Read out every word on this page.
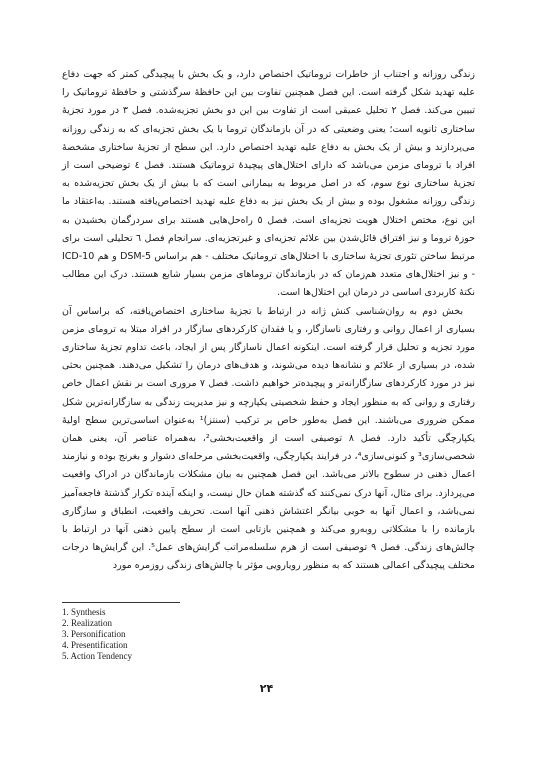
زندگی روزانه و اجتناب از خاطرات تروماتیک اختصاص دارد، و یک بخش با پیچیدگی کمتر که جهت دفاع علیه تهدید شکل گرفته است. این فصل همچنین تفاوت بین این حافظهٔ سرگذشتی و حافظهٔ تروماتیک را تبیین می‌کند. فصل ۲ تحلیل عمیقی است از تفاوت بین این دو بخش تجزیه‌شده. فصل ۳ در مورد تجزیهٔ ساختاری ثانویه است؛ یعنی وضعیتی که در آن بازماندگان تروما با یک بخش تجزیه‌ای که به زندگی روزانه می‌پردازند و بیش از یک بخش به دفاع علیه تهدید اختصاص دارد. این سطح از تجزیهٔ ساختاری مشخصهٔ افراد با ترومای مزمن می‌باشد که دارای اختلال‌های پیچیدهٔ تروماتیک هستند. فصل ٤ توضیحی است از تجزیهٔ ساختاری نوع سوم، که در اصل مربوط به بیمارانی است که با بیش از یک بخش تجزیه‌شده به زندگی روزانه مشغول بوده و بیش از یک بخش نیز به دفاع علیه تهدید اختصاص‌یافته هستند. به‌اعتقاد ما این نوع، مختص اختلال هویت تجزیه‌ای است. فصل ٥ راه‌حل‌هایی هستند برای سردرگمان بخشیدن به حوزهٔ تروما و نیز افتراق قائل‌شدن بین علائم تجزیه‌ای و غیرتجزیه‌ای. سرانجام فصل ٦ تحلیلی است برای مرتبط ساختن تئوری تجزیهٔ ساختاری با اختلال‌های تروماتیک مختلف - هم براساس DSM-5 و هم ICD-10 - و نیز اختلال‌های متعدد هم‌زمان که در بازماندگان تروماهای مزمن بسیار شایع هستند. درک این مطالب نکتهٔ کاربردی اساسی در درمان این اختلال‌ها است.

بخش دوم به روان‌شناسی کنش ژانه در ارتباط با تجزیهٔ ساختاری اختصاص‌یافته، که براساس آن بسیاری از اعمال روانی و رفتاری ناسازگار، و یا فقدان کارکردهای سازگار در افراد مبتلا به ترومای مزمن مورد تجزیه و تحلیل قرار گرفته است. اینکونه اعمال ناسازگار پس از ایجاد، باعث تداوم تجزیهٔ ساختاری شده، در بسیاری از علائم و نشانه‌ها دیده می‌شوند، و هدف‌های درمان را تشکیل می‌دهند. همچنین بحثی نیز در مورد کارکردهای سازگارانه‌تر و پیچیده‌تر خواهیم داشت. فصل ۷ مروری است بر نقش اعمال خاص رفتاری و روانی که به منظور ایجاد و حفظ شخصیتی یکپارچه و نیز مدیریت زندگی به سازگارانه‌ترین شکل ممکن ضروری می‌باشند. این فصل به‌طور خاص بر ترکیب (سنتز)¹ به‌عنوان اساسی‌ترین سطح اولیهٔ یکپارچگی تأکید دارد. فصل ۸ توصیفی است از واقعیت‌بخشی²، به‌همراه عناصر آن، یعنی همان شخصی‌سازی³ و کنونی‌سازی⁴، در فرایند یکپارچگی، واقعیت‌بخشی مرحله‌ای دشوار و بغرنج بوده و نیازمند اعمال ذهنی در سطوح بالاتر می‌باشد. این فصل همچنین به بیان مشکلات بازماندگان در ادراک واقعیت می‌پردازد. برای مثال، آنها درک نمی‌کنند که گذشته همان حال نیست، و اینکه آینده تکرار گذشتهٔ فاجعه‌آمیز نمی‌باشد، و اعمال آنها به خوبی بیانگر اغتشاش ذهنی آنها است. تحریف واقعیت، انطباق و سازگاری بازمانده را با مشکلاتی روبه‌رو می‌کند و همچنین بازتابی است از سطح پایین ذهنی آنها در ارتباط با چالش‌های زندگی. فصل ۹ توصیفی است از هرم سلسله‌مراتب گرایش‌های عمل⁵. این گرایش‌ها درجات مختلف پیچیدگی اعمالی هستند که به منظور رویارویی مؤثر با چالش‌های زندگی روزمره مورد

1. Synthesis
2. Realization
3. Personification
4. Presentification
5. Action Tendency
۲۴
